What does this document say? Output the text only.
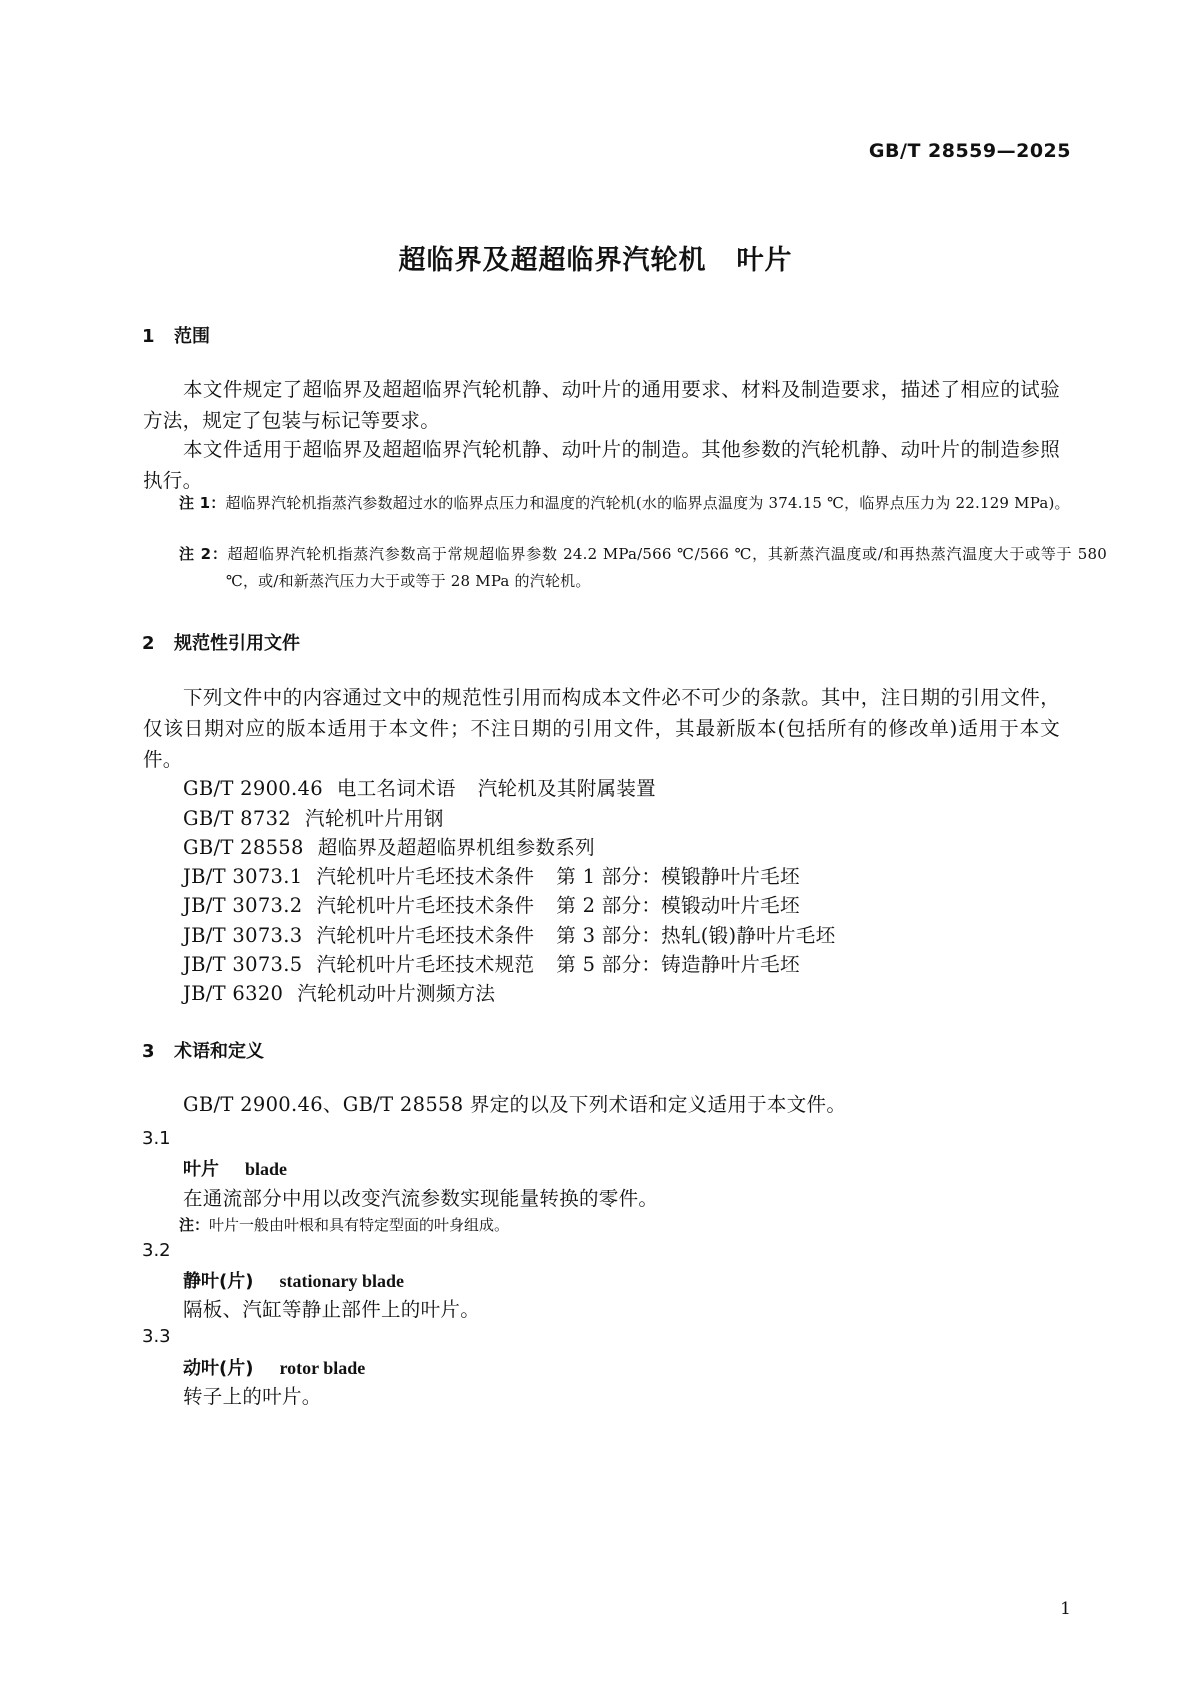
GB/T 28559—2025
超临界及超超临界汽轮机 叶片
1 范围

本文件规定了超临界及超超临界汽轮机静、动叶片的通用要求、材料及制造要求，描述了相应的试验方法，规定了包装与标记等要求。

本文件适用于超临界及超超临界汽轮机静、动叶片的制造。其他参数的汽轮机静、动叶片的制造参照执行。

注 1：超临界汽轮机指蒸汽参数超过水的临界点压力和温度的汽轮机(水的临界点温度为 374.15 ℃，临界点压力为 22.129 MPa)。

注 2：超超临界汽轮机指蒸汽参数高于常规超临界参数 24.2 MPa/566 ℃/566 ℃，其新蒸汽温度或/和再热蒸汽温度大于或等于 580 ℃，或/和新蒸汽压力大于或等于 28 MPa 的汽轮机。

2 规范性引用文件

下列文件中的内容通过文中的规范性引用而构成本文件必不可少的条款。其中，注日期的引用文件，仅该日期对应的版本适用于本文件；不注日期的引用文件，其最新版本(包括所有的修改单)适用于本文件。

GB/T 2900.46 电工名词术语 汽轮机及其附属装置
GB/T 8732 汽轮机叶片用钢
GB/T 28558 超临界及超超临界机组参数系列
JB/T 3073.1 汽轮机叶片毛坯技术条件 第 1 部分：模锻静叶片毛坯
JB/T 3073.2 汽轮机叶片毛坯技术条件 第 2 部分：模锻动叶片毛坯
JB/T 3073.3 汽轮机叶片毛坯技术条件 第 3 部分：热轧(锻)静叶片毛坯
JB/T 3073.5 汽轮机叶片毛坯技术规范 第 5 部分：铸造静叶片毛坯
JB/T 6320 汽轮机动叶片测频方法
3 术语和定义

GB/T 2900.46、GB/T 28558 界定的以及下列术语和定义适用于本文件。

3.1
叶片 blade
在通流部分中用以改变汽流参数实现能量转换的零件。
注：叶片一般由叶根和具有特定型面的叶身组成。
3.2
静叶(片) stationary blade
隔板、汽缸等静止部件上的叶片。
3.3
动叶(片) rotor blade
转子上的叶片。
1
